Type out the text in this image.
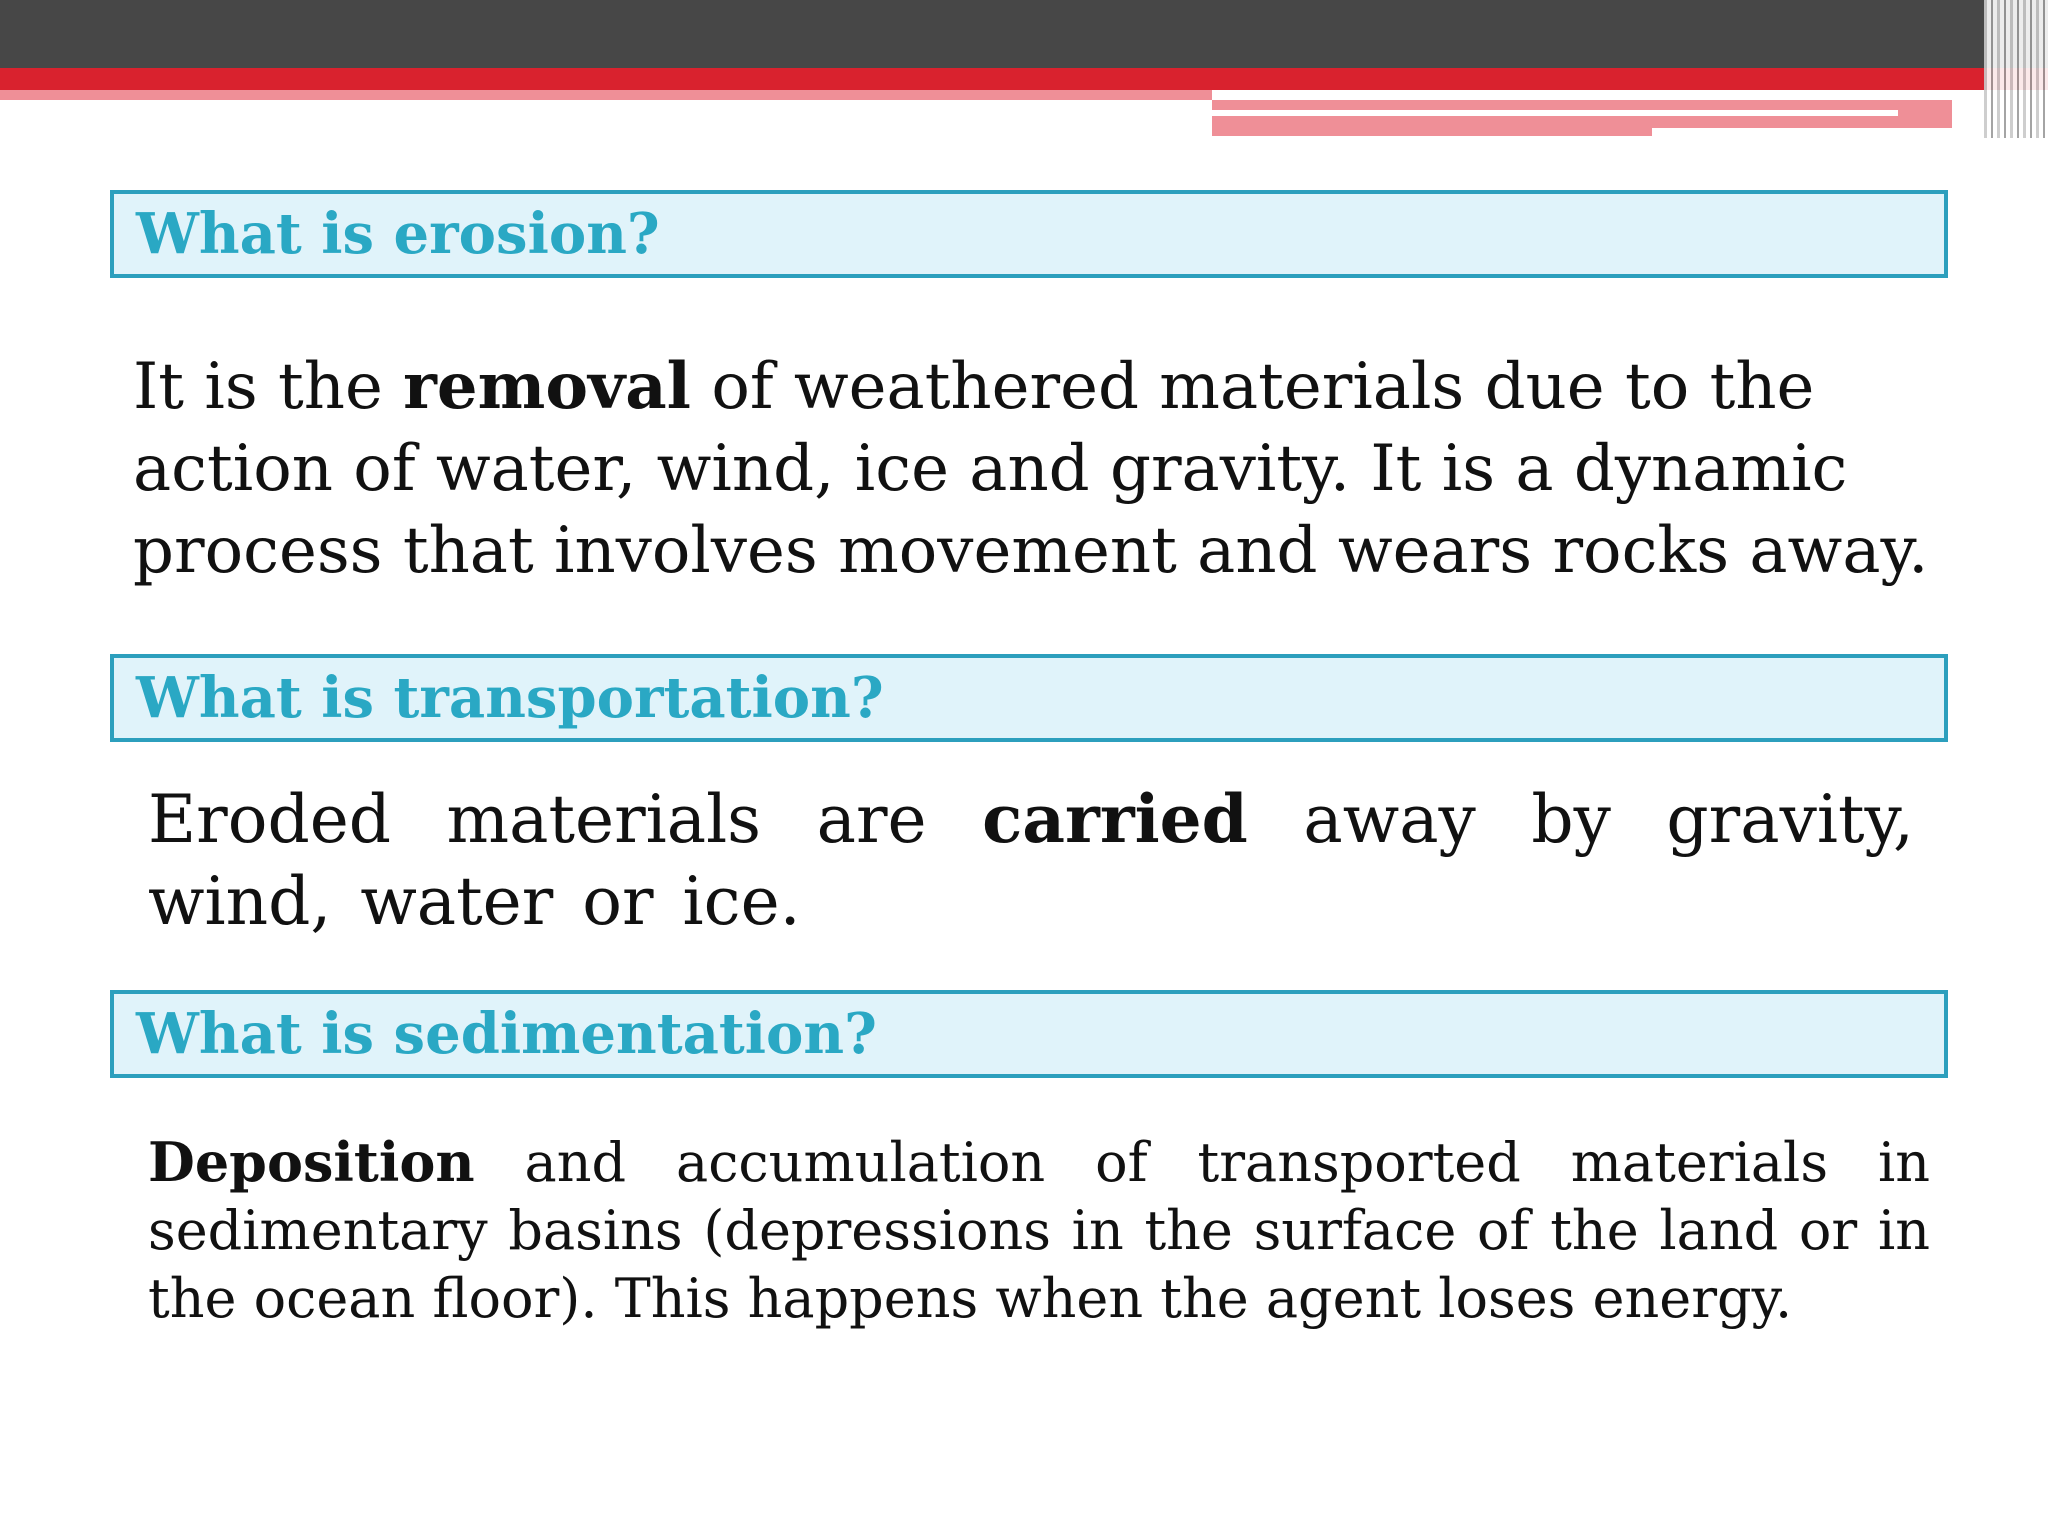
What is erosion?
It is the removal of weathered materials due to the action of water, wind, ice and gravity. It is a dynamic process that involves movement and wears rocks away.
What is transportation?
Eroded materials are carried away by gravity, wind, water or ice.
What is sedimentation?
Deposition and accumulation of transported materials in sedimentary basins (depressions in the surface of the land or in the ocean floor). This happens when the agent loses energy.
